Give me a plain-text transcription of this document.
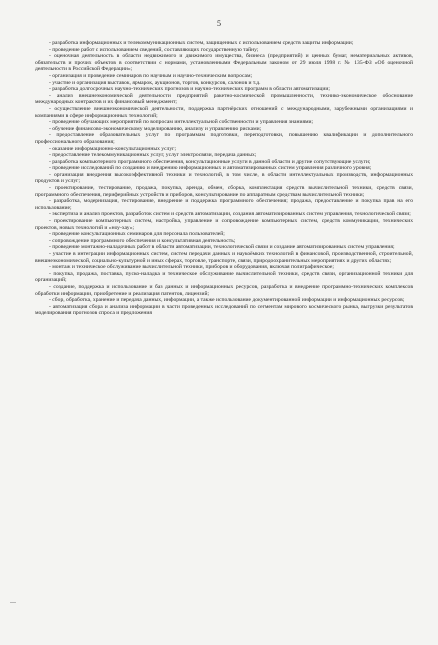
5

- разработка информационных и телекоммуникационных систем, защищенных с использованием средств защиты информации;

- проведение работ с использованием сведений, составляющих государственную тайну;

- оценочная деятельность в области недвижимого и движимого имущества, бизнеса (предприятий) и ценных бумаг, нематериальных активов, обязательств и прочих объектов в соответствии с нормами, установленными Федеральным законом от 29 июля 1998 г. № 135-ФЗ «Об оценочной деятельности в Российской Федерации»;

- организация и проведение семинаров по научным и научно-техническим вопросам;

- участие и организация выставок, ярмарок, аукционов, торгов, конкурсов, салонов и т.д.

- разработка долгосрочных научно-технических прогнозов и научно-технических программ в области автоматизации;

- анализ внешнеэкономической деятельности предприятий ракетно-космической промышленности, технико-экономическое обоснование международных контрактов и их финансовый менеджмент;

- осуществление внешнеэкономической деятельности, поддержка партнёрских отношений с международными, зарубежными организациями и компаниями в сфере информационных технологий;

- проведение обучающих мероприятий по вопросам интеллектуальной собственности и управления знаниями;

- обучение финансово-экономическому моделированию, анализу и управлению рисками;

- предоставление образовательных услуг по программам подготовки, переподготовки, повышению квалификации и дополнительного профессионального образования;

- оказание информационно-консультационных услуг;

- предоставление телекоммуникационных услуг, услуг электросвязи, передача данных;

- разработка компьютерного программного обеспечения, консультационные услуги в данной области и другие сопутствующие услуги;

- проведение исследований по созданию и внедрению информационных и автоматизированных систем управления различного уровня;

- организация внедрения высокоэффективной техники и технологий, в том числе, в области интеллектуальных производств, информационных продуктов и услуг;

- проектирование, тестирование, продажа, покупка, аренда, обмен, сборка, комплектация средств вычислительной техники, средств связи, программного обеспечения, периферийных устройств и приборов, консультирование по аппаратным средствам вычислительной техники;

- разработка, модернизация, тестирование, внедрение и поддержка программного обеспечения; продажа, предоставление и покупка прав на его использование;

- экспертиза и анализ проектов, разработок систем и средств автоматизации, создания автоматизированных систем управления, технологической связи;

- проектирование компьютерных систем, настройка, управление и сопровождение компьютерных систем, средств коммуникации, технических проектов, новых технологий и «ноу-хау»;

- проведение консультационных семинаров для персонала пользователей;

- сопровождение программного обеспечения и консультативная деятельность;

- проведение монтажно-наладочных работ в области автоматизации, технологической связи и создание автоматизированных систем управления;

- участие в интеграции информационных систем, систем передачи данных и наукоёмких технологий в финансовой, производственной, строительной, внешнеэкономической, социально-культурной и иных сферах, торговле, транспорте, связи, природоохранительных мероприятиях и других областях;

- монтаж и техническое обслуживание вычислительной техники, приборов и оборудования, включая полиграфическое;

- покупка, продажа, поставка, пуско-наладка и техническое обслуживание вычислительной техники, средств связи, организационной техники для организаций;

- создание, поддержка и использование и баз данных и информационных ресурсов, разработка и внедрение программно-технических комплексов обработки информации, приобретение и реализация патентов, лицензий;

- сбор, обработка, хранение и передача данных, информации, а также использование документированной информации и информационных ресурсов;

- автоматизация сбора и анализа информации в части проведенных исследований по сегментам мирового космического рынка, выгрузки результатов моделирования прогнозов спроса и предложения
